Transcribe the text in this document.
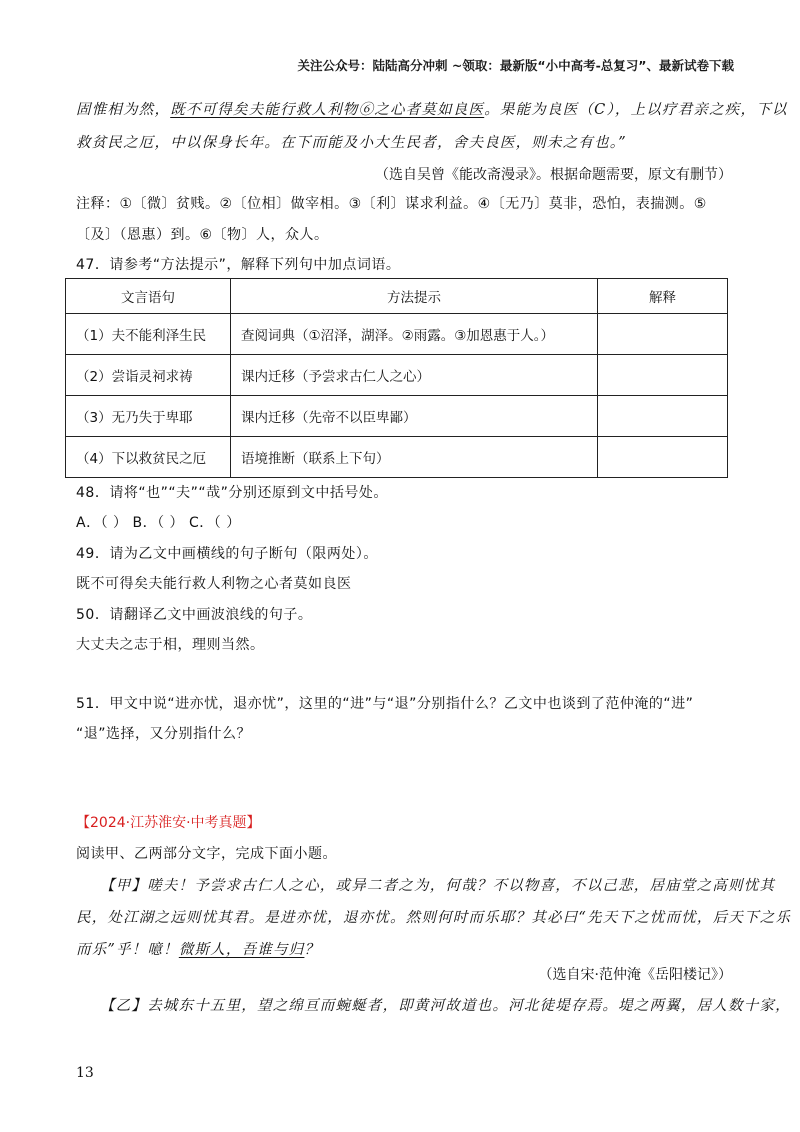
关注公众号：陆陆高分冲刺 ~领取：最新版“小中高考-总复习”、最新试卷下载
固惟相为然，既不可得矣夫能行救人利物⑥之心者莫如良医。果能为良医（C），上以疗君亲之疾，下以
救贫民之厄，中以保身长年。在下而能及小大生民者，舍夫良医，则未之有也。”
（选自吴曾《能改斋漫录》。根据命题需要，原文有删节）
注释：①〔微〕贫贱。②〔位相〕做宰相。③〔利〕谋求利益。④〔无乃〕莫非，恐怕，表揣测。⑤
〔及〕（恩惠）到。⑥〔物〕人，众人。
47．请参考“方法提示”，解释下列句中加点词语。
文言语句	方法提示	解释
（1）夫不能利泽生民	查阅词典（①沼泽，湖泽。②雨露。③加恩惠于人。）	
（2）尝诣灵祠求祷	课内迁移（予尝求古仁人之心）	
（3）无乃失于卑耶	课内迁移（先帝不以臣卑鄙）	
（4）下以救贫民之厄	语境推断（联系上下句）	
48．请将“也”“夫”“哉”分别还原到文中括号处。
A．（ ） B．（ ） C．（ ）
49．请为乙文中画横线的句子断句（限两处）。
既不可得矣夫能行救人利物之心者莫如良医
50．请翻译乙文中画波浪线的句子。
大丈夫之志于相，理则当然。
51．甲文中说“进亦忧，退亦忧”，这里的“进”与“退”分别指什么？乙文中也谈到了范仲淹的“进”
“退”选择，又分别指什么？
【2024·江苏淮安·中考真题】
阅读甲、乙两部分文字，完成下面小题。
【甲】嗟夫！予尝求古仁人之心，或异二者之为，何哉？不以物喜，不以己悲，居庙堂之高则忧其
民，处江湖之远则忧其君。是进亦忧，退亦忧。然则何时而乐耶？其必曰“先天下之忧而忧，后天下之乐
而乐”乎！噫！微斯人，吾谁与归？
（选自宋·范仲淹《岳阳楼记》）
【乙】去城东十五里，望之绵亘而蜿蜒者，即黄河故道也。河北徒堤存焉。堤之两翼，居人数十家，
13
